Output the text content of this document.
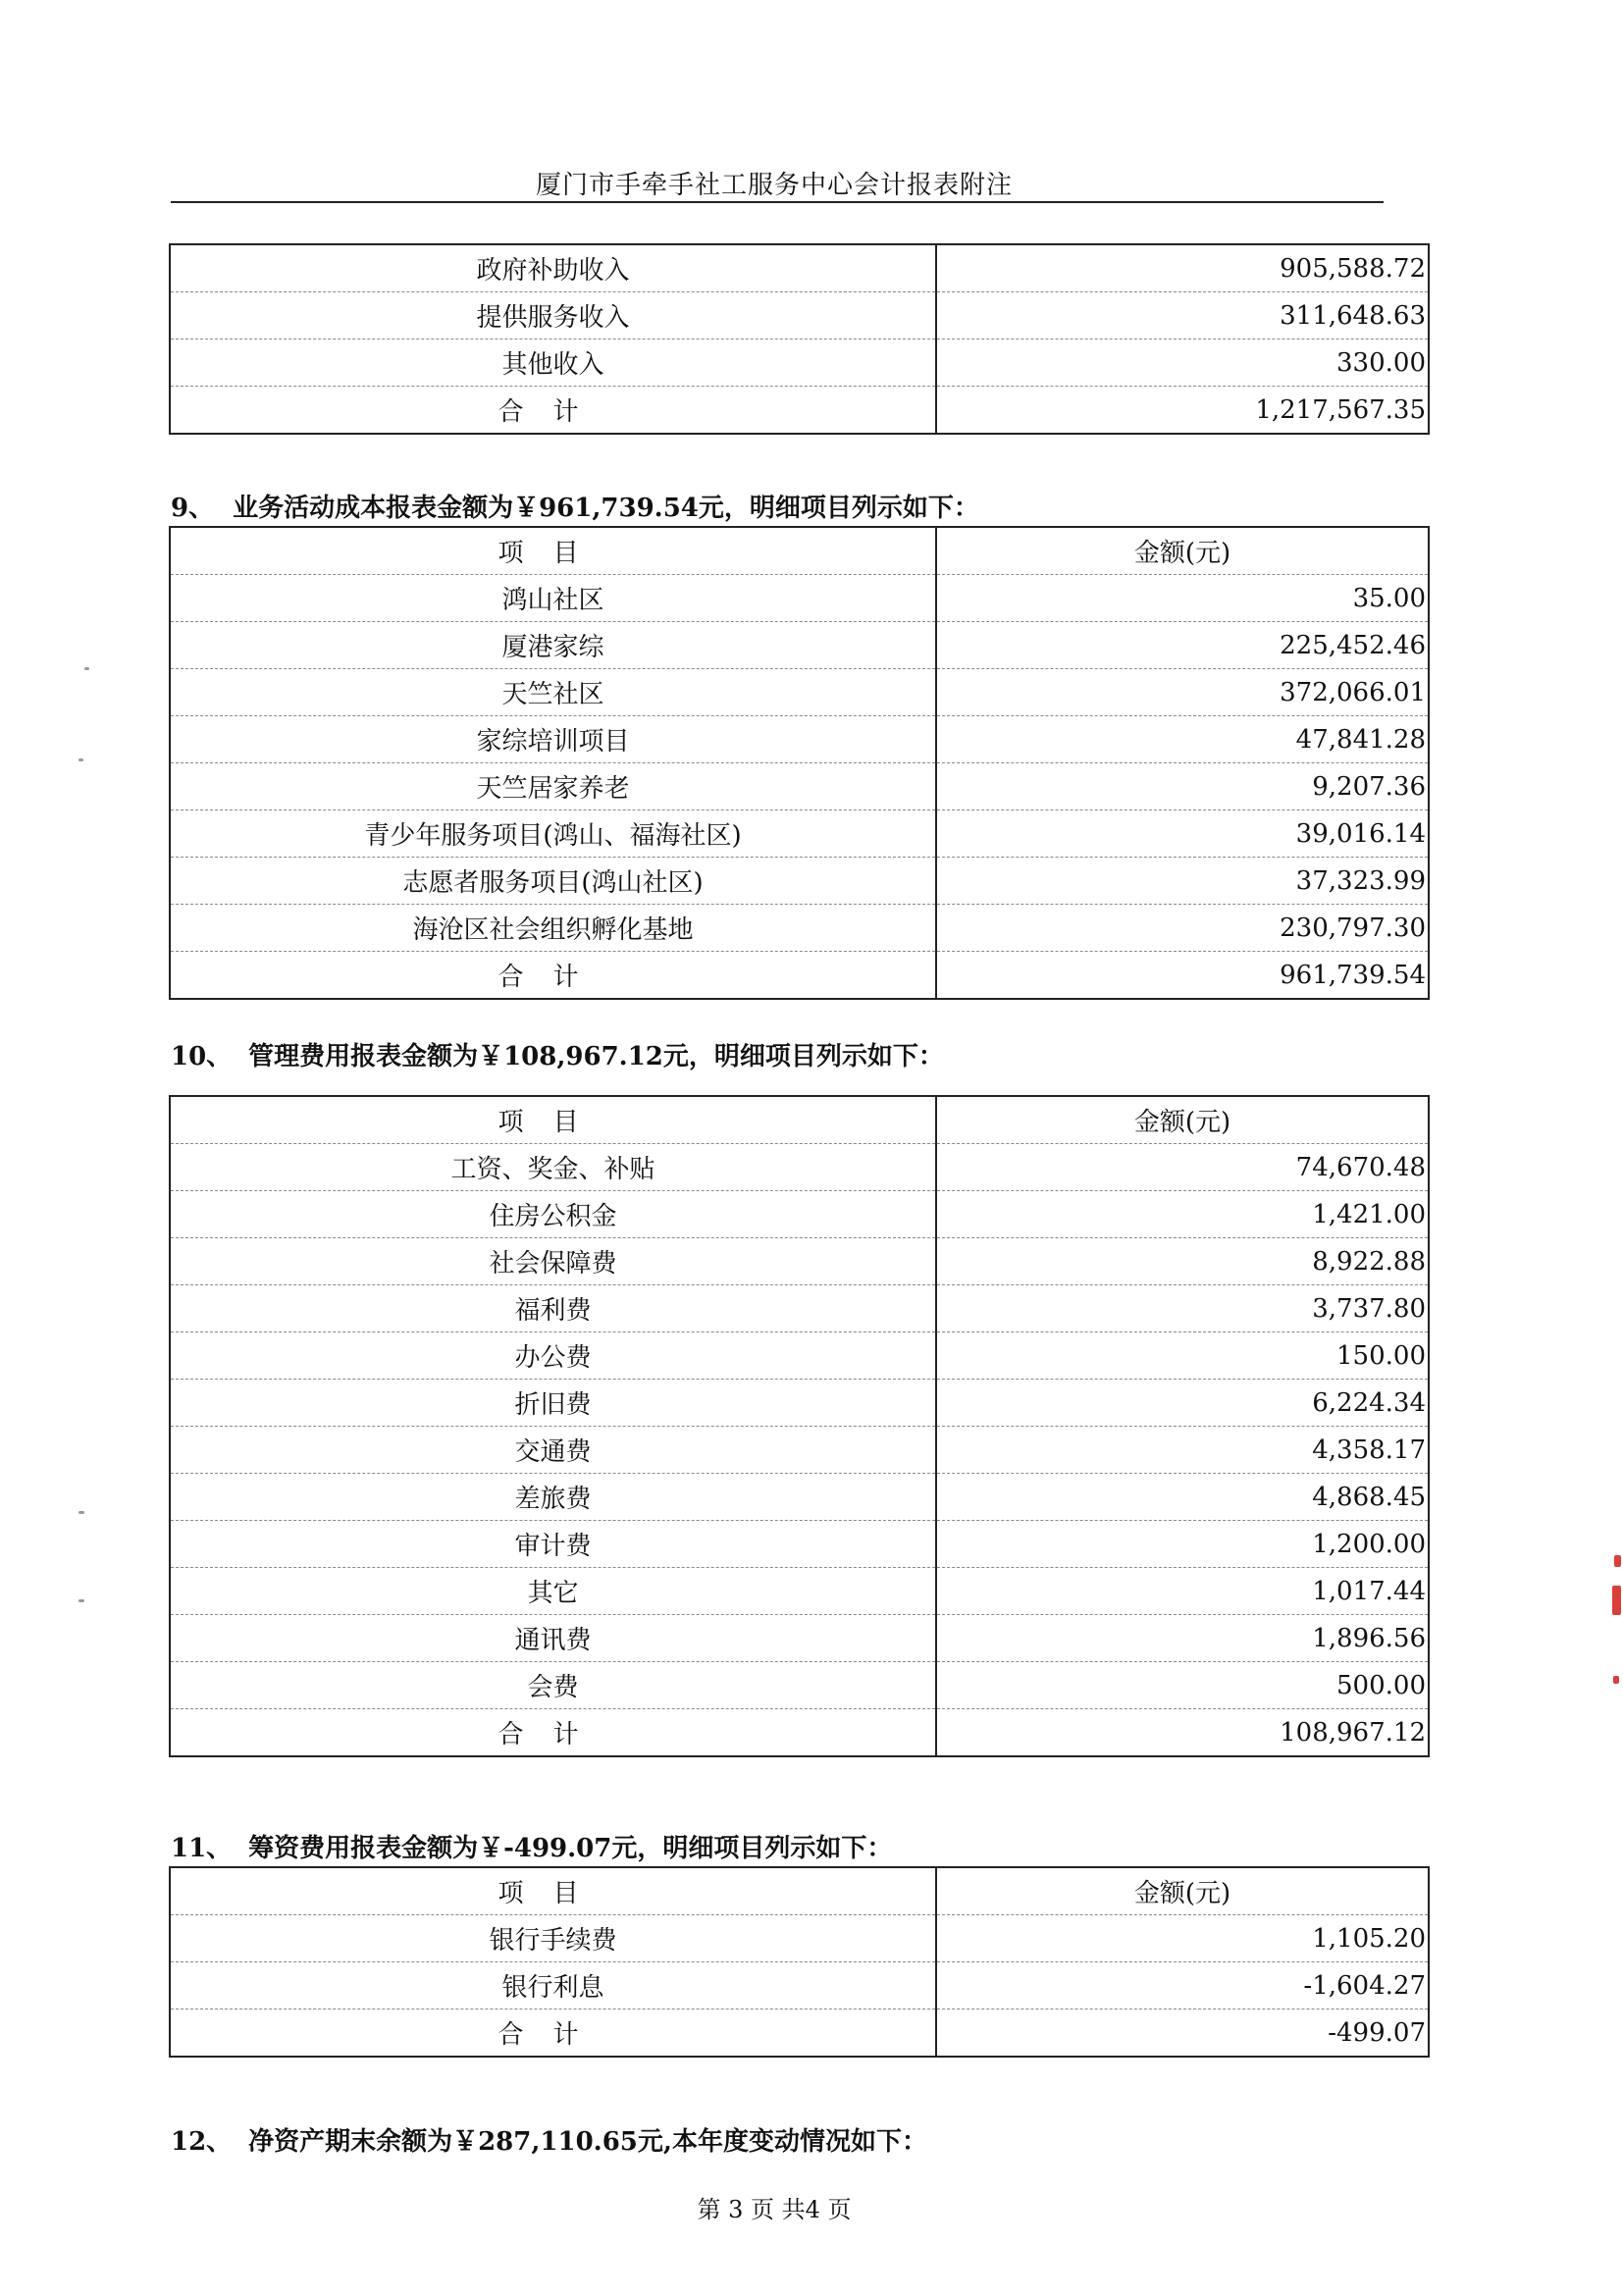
厦门市手牵手社工服务中心会计报表附注
政府补助收入	905,588.72
提供服务收入	311,648.63
其他收入	330.00
合计	1,217,567.35
9、 业务活动成本报表金额为￥961,739.54元，明细项目列示如下：
项目	金额(元)
鸿山社区	35.00
厦港家综	225,452.46
天竺社区	372,066.01
家综培训项目	47,841.28
天竺居家养老	9,207.36
青少年服务项目(鸿山、福海社区)	39,016.14
志愿者服务项目(鸿山社区)	37,323.99
海沧区社会组织孵化基地	230,797.30
合计	961,739.54
10、 管理费用报表金额为￥108,967.12元，明细项目列示如下：
项目	金额(元)
工资、奖金、补贴	74,670.48
住房公积金	1,421.00
社会保障费	8,922.88
福利费	3,737.80
办公费	150.00
折旧费	6,224.34
交通费	4,358.17
差旅费	4,868.45
审计费	1,200.00
其它	1,017.44
通讯费	1,896.56
会费	500.00
合计	108,967.12
11、 筹资费用报表金额为￥-499.07元，明细项目列示如下：
项目	金额(元)
银行手续费	1,105.20
银行利息	-1,604.27
合计	-499.07
12、 净资产期末余额为￥287,110.65元,本年度变动情况如下：
第 3 页 共4 页
